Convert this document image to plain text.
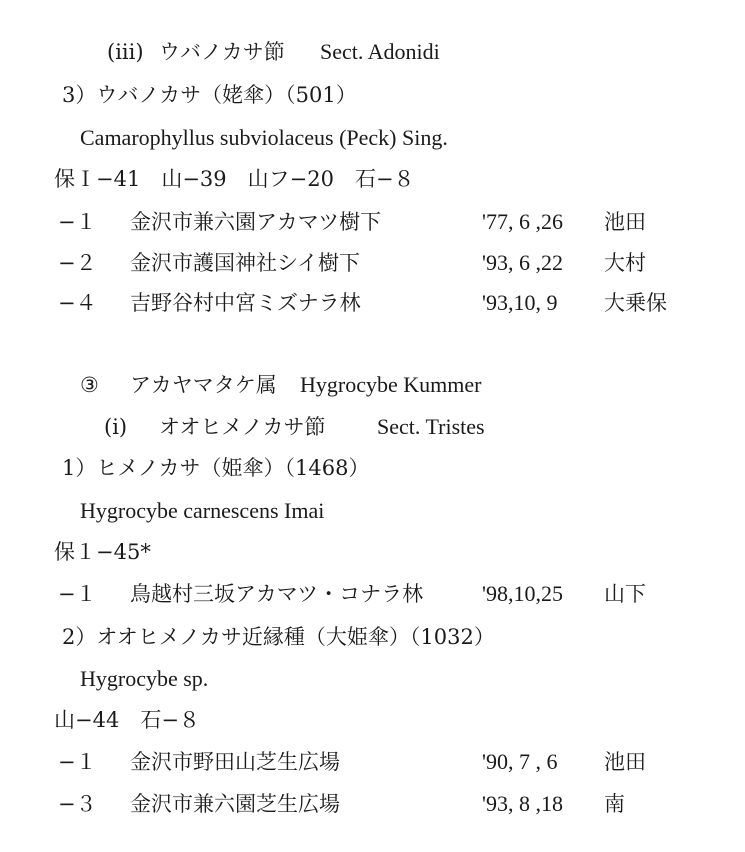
(iii) ウバノカサ節 Sect. Adonidi
3）ウバノカサ（姥傘）（501）
Camarophyllus subviolaceus (Peck) Sing.
保Ｉ−41　山−39　山フ−20　石−８
−１ 金沢市兼六園アカマツ樹下	'77, 6 ,26 池田
−２ 金沢市護国神社シイ樹下	'93, 6 ,22 大村
−４ 吉野谷村中宮ミズナラ林	'93,10, 9 大乗保
③ アカヤマタケ属 Hygrocybe Kummer
(i) オオヒメノカサ節 Sect. Tristes
1）ヒメノカサ（姫傘）（1468）
Hygrocybe carnescens Imai
保１−45*
−１ 鳥越村三坂アカマツ・コナラ林	'98,10,25 山下
2）オオヒメノカサ近縁種（大姫傘）（1032）
Hygrocybe sp.
山−44　石−８
−１ 金沢市野田山芝生広場	'90, 7 , 6 池田
−３ 金沢市兼六園芝生広場	'93, 8 ,18 南
